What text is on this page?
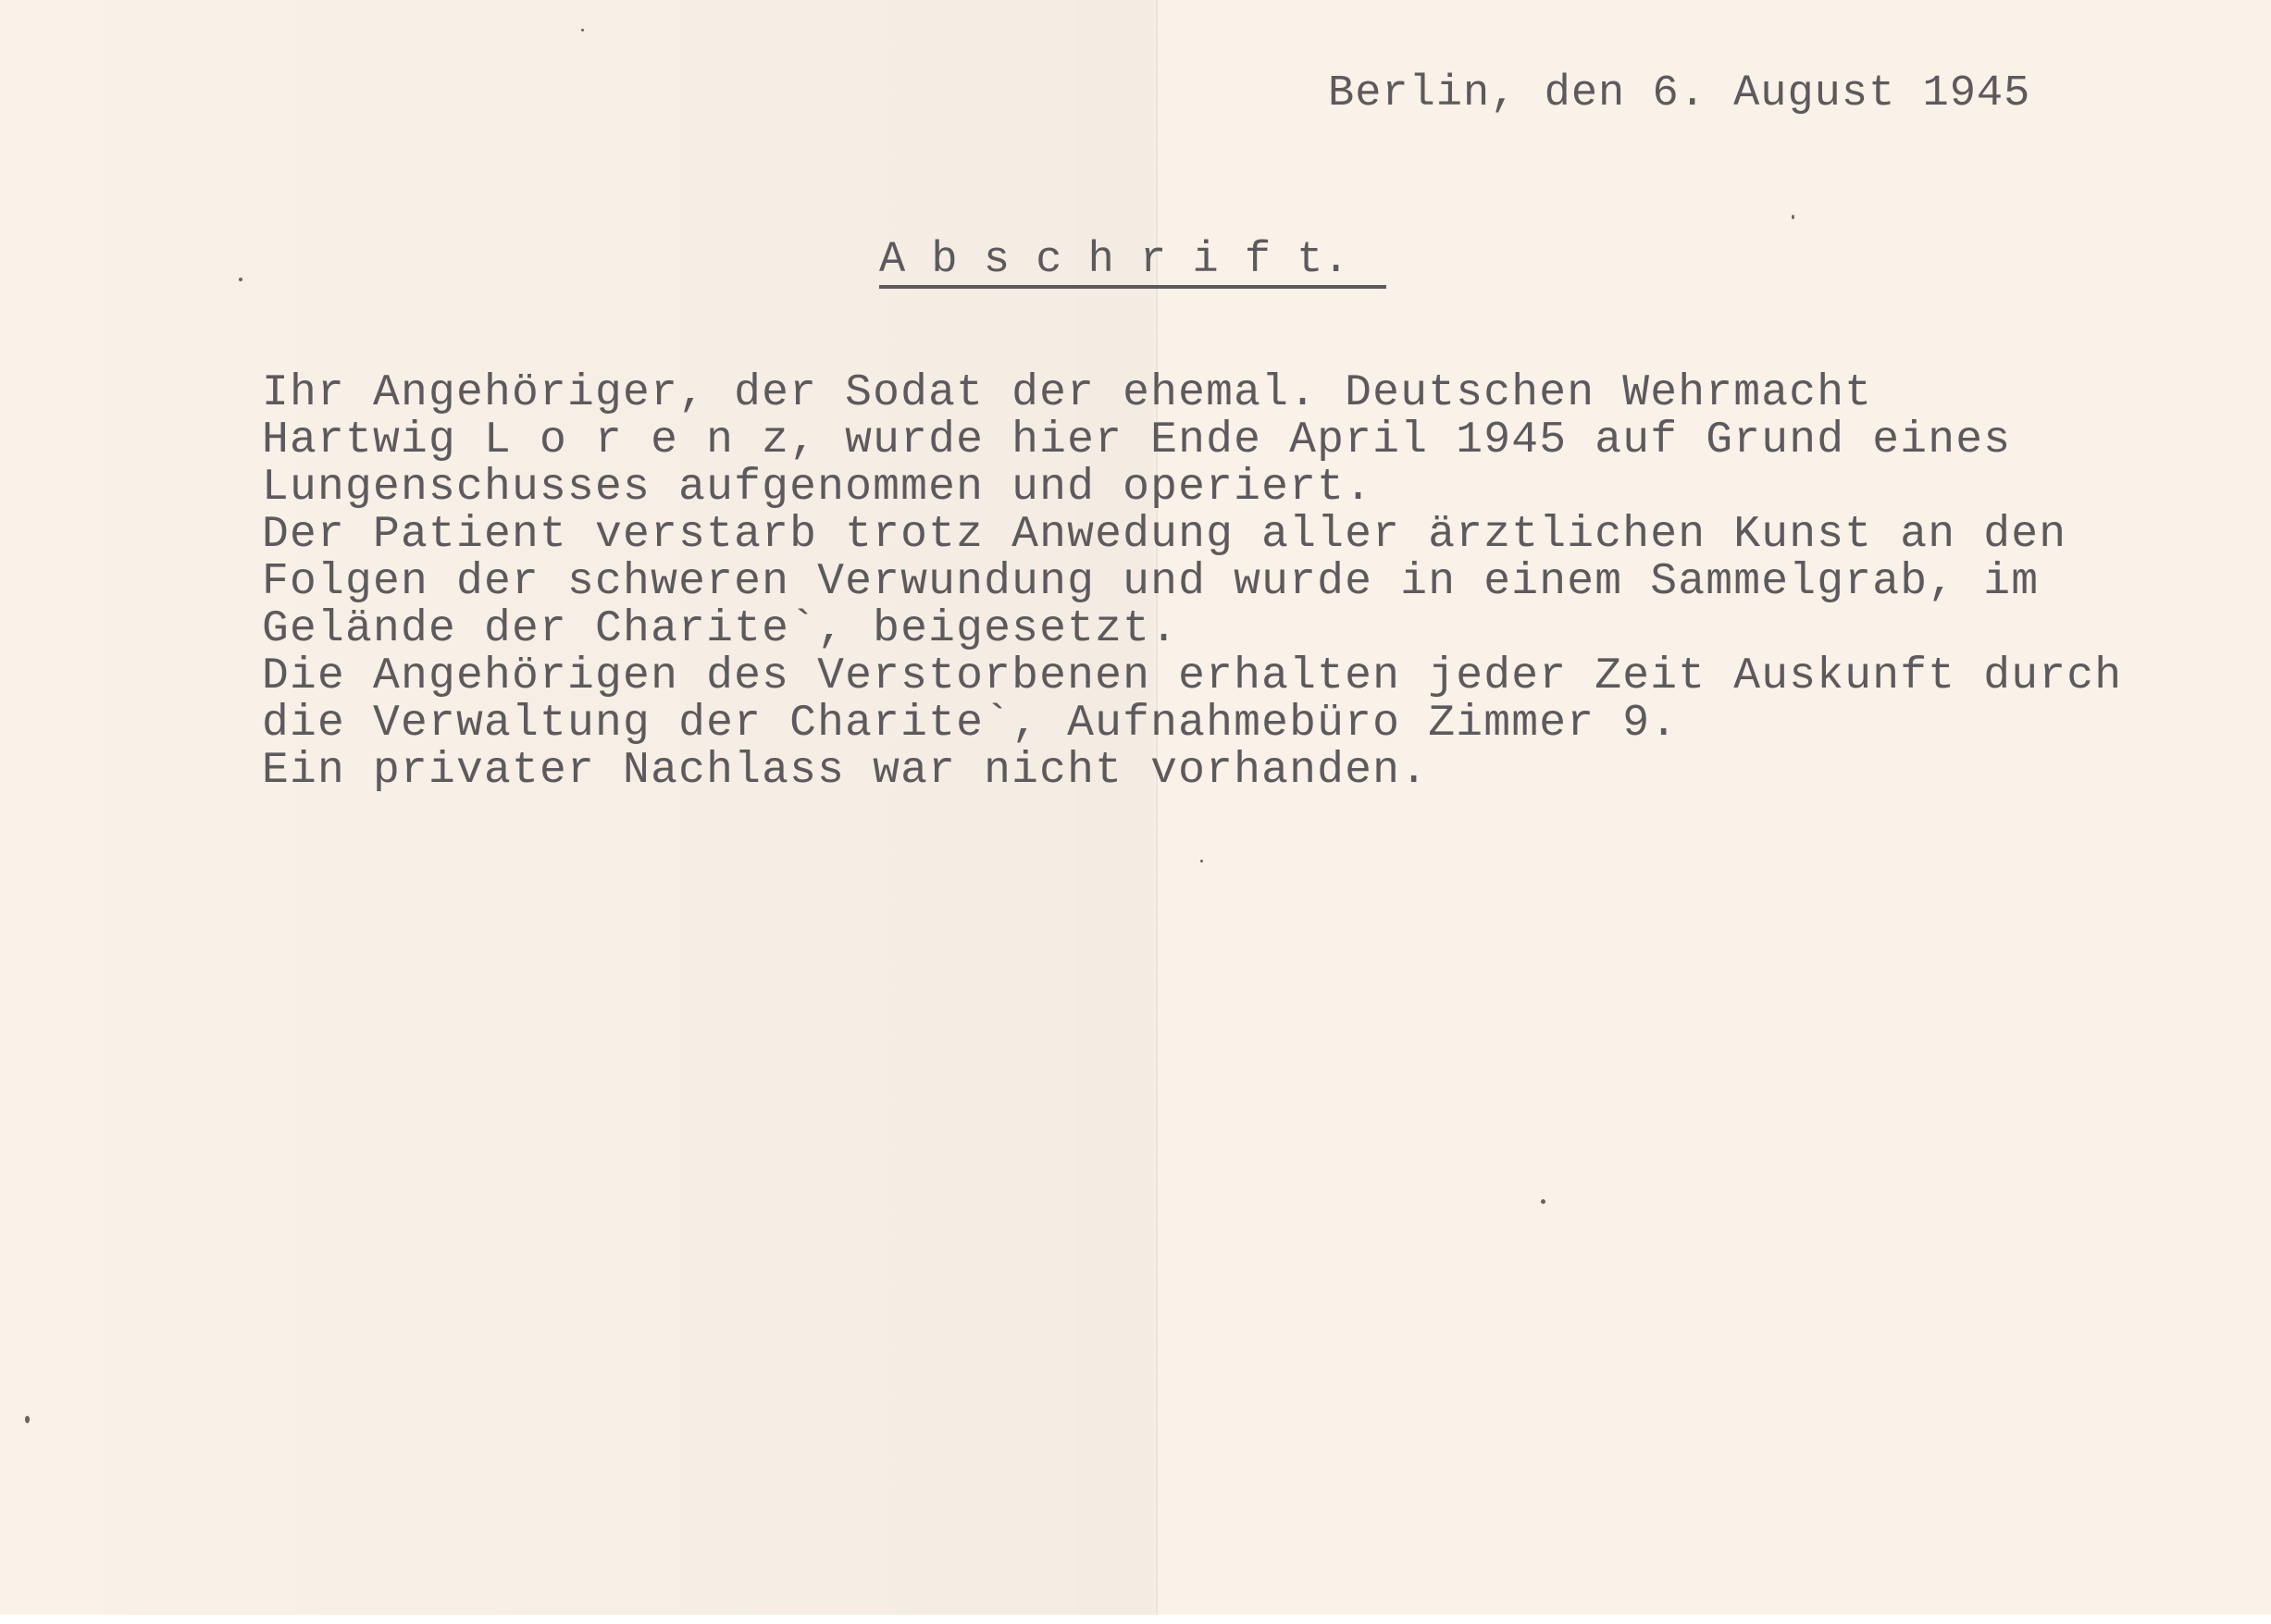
Berlin, den 6. August 1945
A b s c h r i f t.
Ihr Angehöriger, der Sodat der ehemal. Deutschen Wehrmacht
Hartwig L o r e n z, wurde hier Ende April 1945 auf Grund eines
Lungenschusses aufgenommen und operiert.
Der Patient verstarb trotz Anwedung aller ärztlichen Kunst an den
Folgen der schweren Verwundung und wurde in einem Sammelgrab, im
Gelände der Charite`, beigesetzt.
Die Angehörigen des Verstorbenen erhalten jeder Zeit Auskunft durch
die Verwaltung der Charite`, Aufnahmebüro Zimmer 9.
Ein privater Nachlass war nicht vorhanden.
